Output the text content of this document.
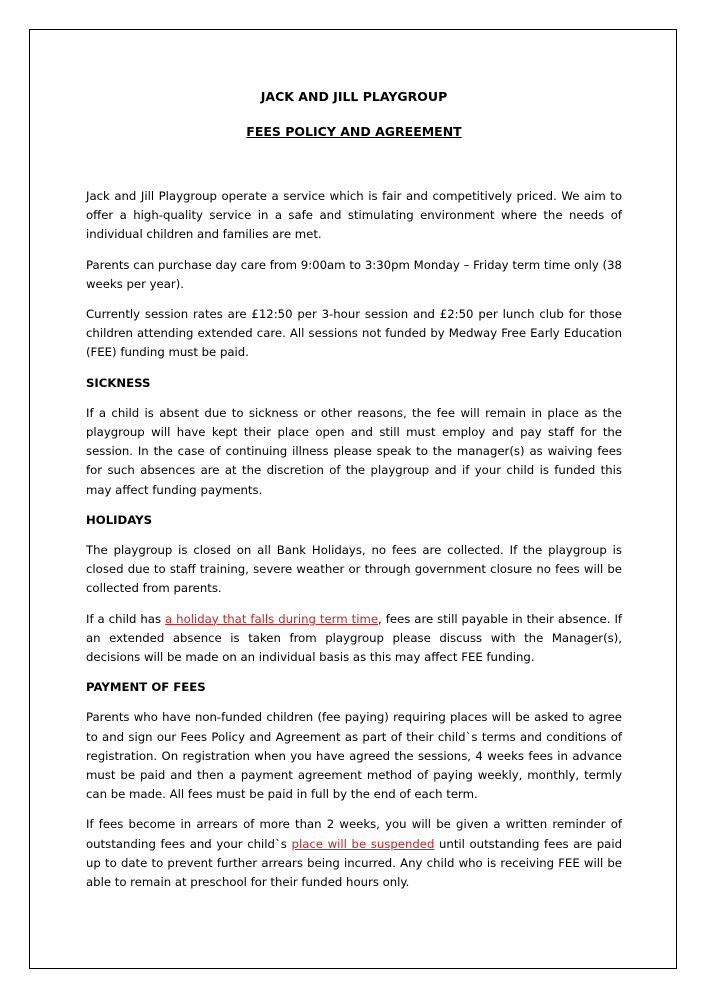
JACK AND JILL PLAYGROUP

FEES POLICY AND AGREEMENT

Jack and Jill Playgroup operate a service which is fair and competitively priced. We aim to offer a high-quality service in a safe and stimulating environment where the needs of individual children and families are met.

Parents can purchase day care from 9:00am to 3:30pm Monday – Friday term time only (38 weeks per year).

Currently session rates are £12:50 per 3-hour session and £2:50 per lunch club for those children attending extended care. All sessions not funded by Medway Free Early Education (FEE) funding must be paid.

SICKNESS

If a child is absent due to sickness or other reasons, the fee will remain in place as the playgroup will have kept their place open and still must employ and pay staff for the session. In the case of continuing illness please speak to the manager(s) as waiving fees for such absences are at the discretion of the playgroup and if your child is funded this may affect funding payments.

HOLIDAYS

The playgroup is closed on all Bank Holidays, no fees are collected. If the playgroup is closed due to staff training, severe weather or through government closure no fees will be collected from parents.

If a child has a holiday that falls during term time, fees are still payable in their absence. If an extended absence is taken from playgroup please discuss with the Manager(s), decisions will be made on an individual basis as this may affect FEE funding.

PAYMENT OF FEES

Parents who have non-funded children (fee paying) requiring places will be asked to agree to and sign our Fees Policy and Agreement as part of their child`s terms and conditions of registration. On registration when you have agreed the sessions, 4 weeks fees in advance must be paid and then a payment agreement method of paying weekly, monthly, termly can be made. All fees must be paid in full by the end of each term.

If fees become in arrears of more than 2 weeks, you will be given a written reminder of outstanding fees and your child`s place will be suspended until outstanding fees are paid up to date to prevent further arrears being incurred. Any child who is receiving FEE will be able to remain at preschool for their funded hours only.
